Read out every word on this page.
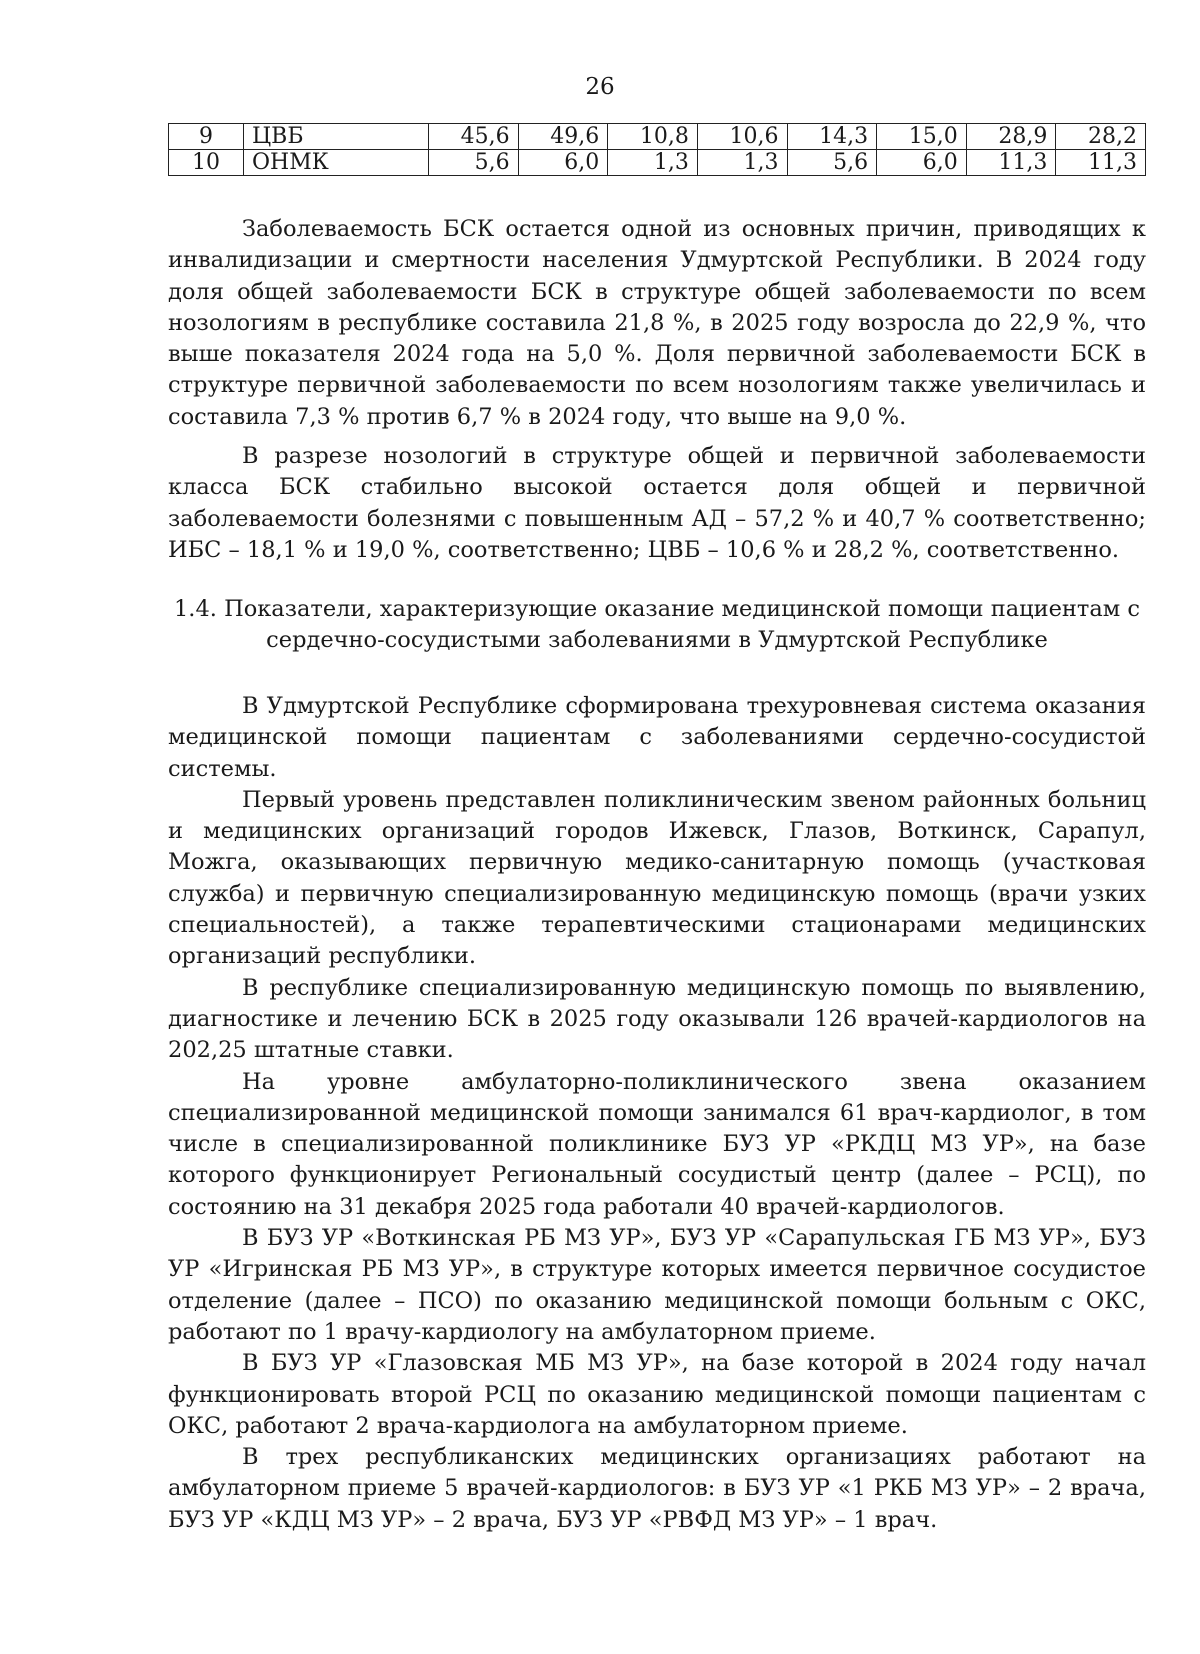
26
9	ЦВБ	45,6	49,6	10,8	10,6	14,3	15,0	28,9	28,2
10	ОНМК	5,6	6,0	1,3	1,3	5,6	6,0	11,3	11,3

Заболеваемость БСК остается одной из основных причин, приводящих к инвалидизации и смертности населения Удмуртской Республики. В 2024 году доля общей заболеваемости БСК в структуре общей заболеваемости по всем нозологиям в республике составила 21,8 %, в 2025 году возросла до 22,9 %, что выше показателя 2024 года на 5,0 %. Доля первичной заболеваемости БСК в структуре первичной заболеваемости по всем нозологиям также увеличилась и составила 7,3 % против 6,7 % в 2024 году, что выше на 9,0 %.

В разрезе нозологий в структуре общей и первичной заболеваемости класса БСК стабильно высокой остается доля общей и первичной заболеваемости болезнями с повышенным АД – 57,2 % и 40,7 % соответственно; ИБС – 18,1 % и 19,0 %, соответственно; ЦВБ – 10,6 % и 28,2 %, соответственно.

1.4. Показатели, характеризующие оказание медицинской помощи пациентам с
сердечно-сосудистыми заболеваниями в Удмуртской Республике

В Удмуртской Республике сформирована трехуровневая система оказания медицинской помощи пациентам с заболеваниями сердечно-сосудистой системы.

Первый уровень представлен поликлиническим звеном районных больниц и медицинских организаций городов Ижевск, Глазов, Воткинск, Сарапул, Можга, оказывающих первичную медико-санитарную помощь (участковая служба) и первичную специализированную медицинскую помощь (врачи узких специальностей), а также терапевтическими стационарами медицинских организаций республики.

В республике специализированную медицинскую помощь по выявлению, диагностике и лечению БСК в 2025 году оказывали 126 врачей-кардиологов на 202,25 штатные ставки.

На уровне амбулаторно-поликлинического звена оказанием специализированной медицинской помощи занимался 61 врач-кардиолог, в том числе в специализированной поликлинике БУЗ УР «РКДЦ МЗ УР», на базе которого функционирует Региональный сосудистый центр (далее – РСЦ), по состоянию на 31 декабря 2025 года работали 40 врачей-кардиологов.

В БУЗ УР «Воткинская РБ МЗ УР», БУЗ УР «Сарапульская ГБ МЗ УР», БУЗ УР «Игринская РБ МЗ УР», в структуре которых имеется первичное сосудистое отделение (далее – ПСО) по оказанию медицинской помощи больным с ОКС, работают по 1 врачу-кардиологу на амбулаторном приеме.

В БУЗ УР «Глазовская МБ МЗ УР», на базе которой в 2024 году начал функционировать второй РСЦ по оказанию медицинской помощи пациентам с ОКС, работают 2 врача-кардиолога на амбулаторном приеме.

В трех республиканских медицинских организациях работают на амбулаторном приеме 5 врачей-кардиологов: в БУЗ УР «1 РКБ МЗ УР» – 2 врача, БУЗ УР «КДЦ МЗ УР» – 2 врача, БУЗ УР «РВФД МЗ УР» – 1 врач.
